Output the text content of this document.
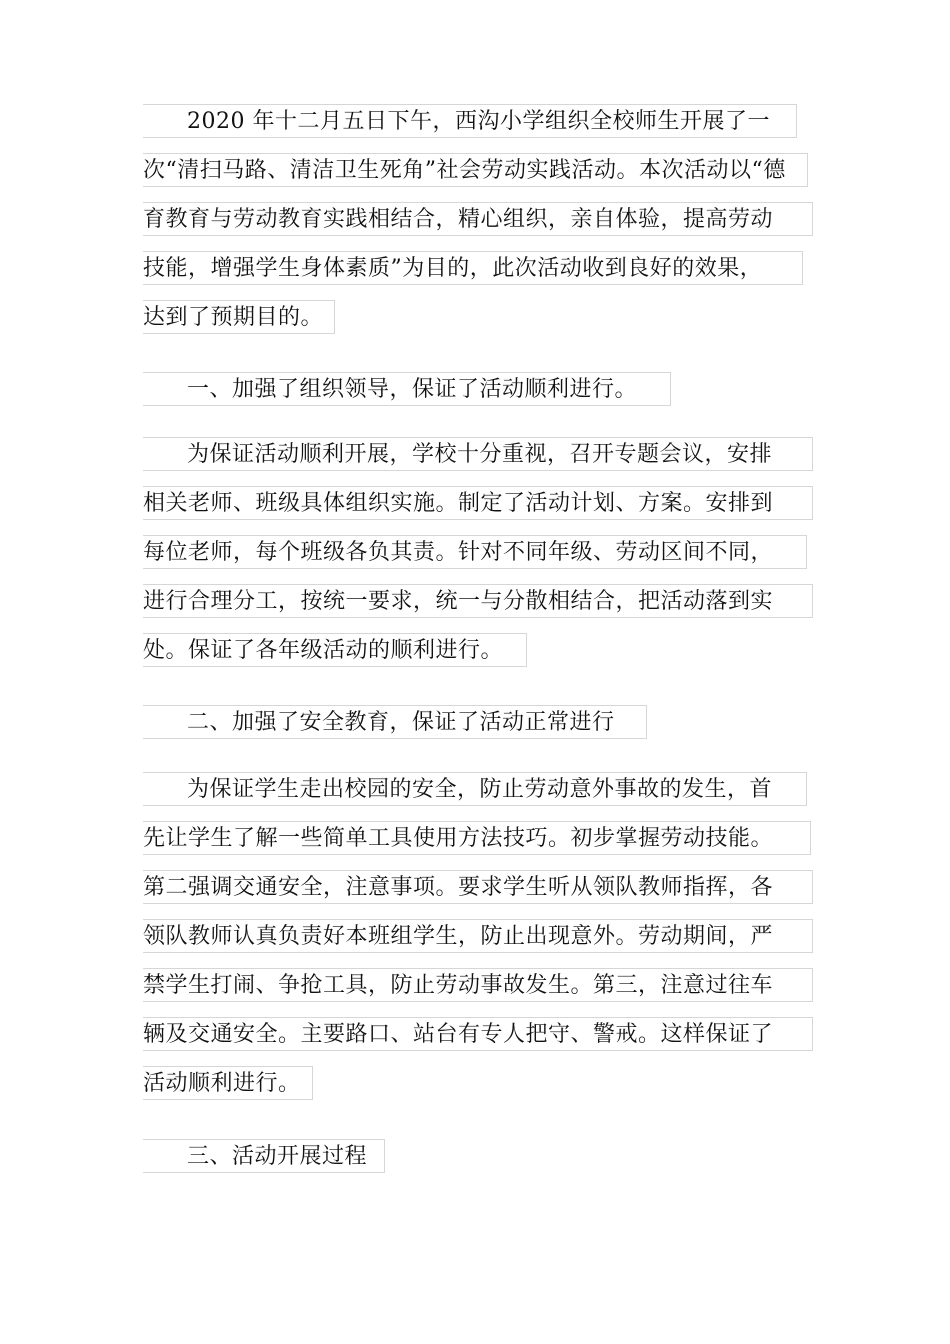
2020 年十二月五日下午，西沟小学组织全校师生开展了一
次“清扫马路、清洁卫生死角”社会劳动实践活动。本次活动以“德
育教育与劳动教育实践相结合，精心组织，亲自体验，提高劳动
技能，增强学生身体素质”为目的，此次活动收到良好的效果，
达到了预期目的。
一、加强了组织领导，保证了活动顺利进行。
为保证活动顺利开展，学校十分重视，召开专题会议，安排
相关老师、班级具体组织实施。制定了活动计划、方案。安排到
每位老师，每个班级各负其责。针对不同年级、劳动区间不同，
进行合理分工，按统一要求，统一与分散相结合，把活动落到实
处。保证了各年级活动的顺利进行。
二、加强了安全教育，保证了活动正常进行
为保证学生走出校园的安全，防止劳动意外事故的发生，首
先让学生了解一些简单工具使用方法技巧。初步掌握劳动技能。
第二强调交通安全，注意事项。要求学生听从领队教师指挥，各
领队教师认真负责好本班组学生，防止出现意外。劳动期间，严
禁学生打闹、争抢工具，防止劳动事故发生。第三，注意过往车
辆及交通安全。主要路口、站台有专人把守、警戒。这样保证了
活动顺利进行。
三、活动开展过程
